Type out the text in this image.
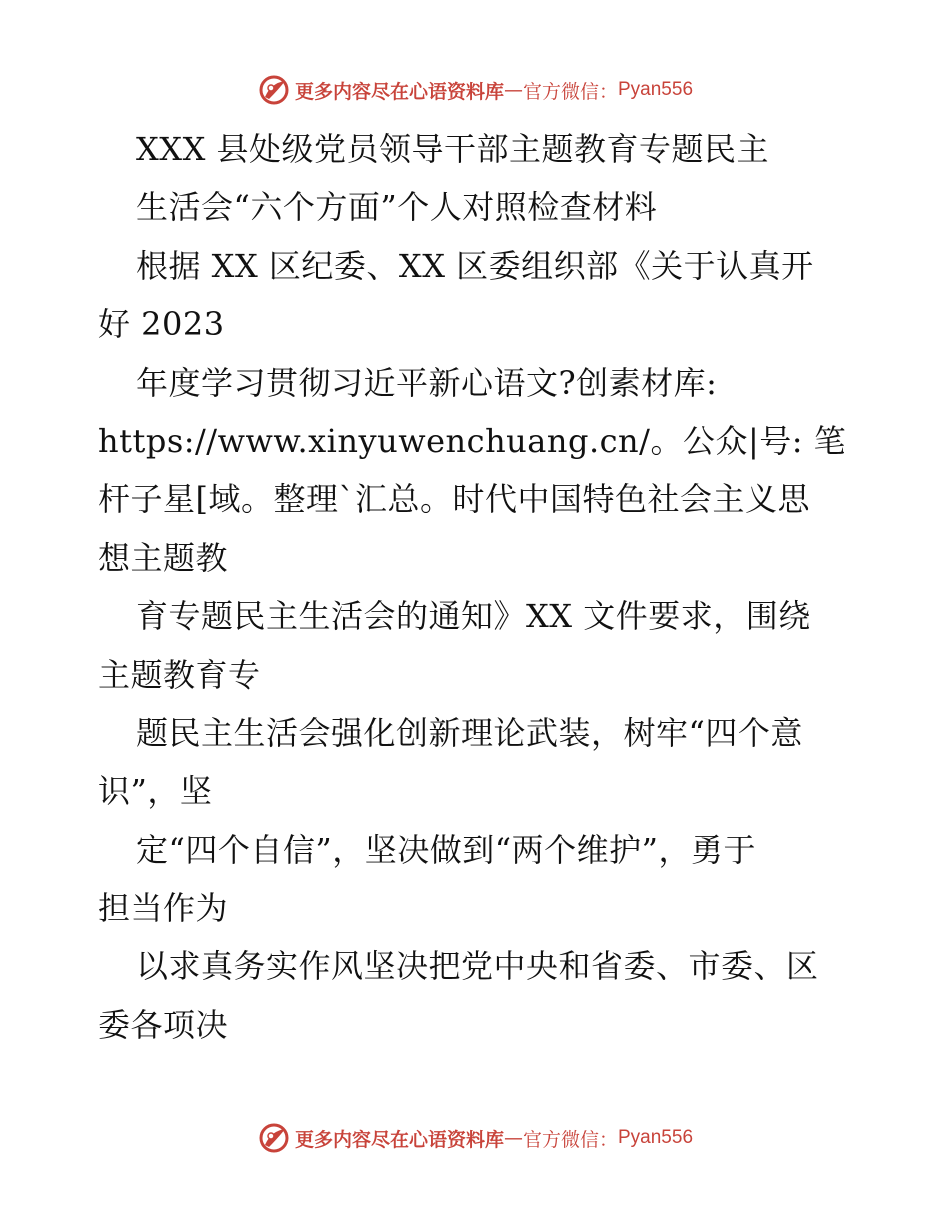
更多内容尽在心语资料库 — 官方微信： Pyan556
XXX 县处级党员领导干部主题教育专题民主
生活会“六个方面”个人对照检查材料
根据 XX 区纪委、XX 区委组织部《关于认真开
好 2023
年度学习贯彻习近平新心语文?创素材库:
https://www.xinyuwenchuang.cn/。公众|号: 笔
杆子星[域。整理`汇总。时代中国特色社会主义思
想主题教
育专题民主生活会的通知》XX 文件要求，围绕
主题教育专
题民主生活会强化创新理论武装，树牢“四个意
识”，坚
定“四个自信”，坚决做到“两个维护”，勇于
担当作为
以求真务实作风坚决把党中央和省委、市委、区
委各项决
更多内容尽在心语资料库 — 官方微信： Pyan556
